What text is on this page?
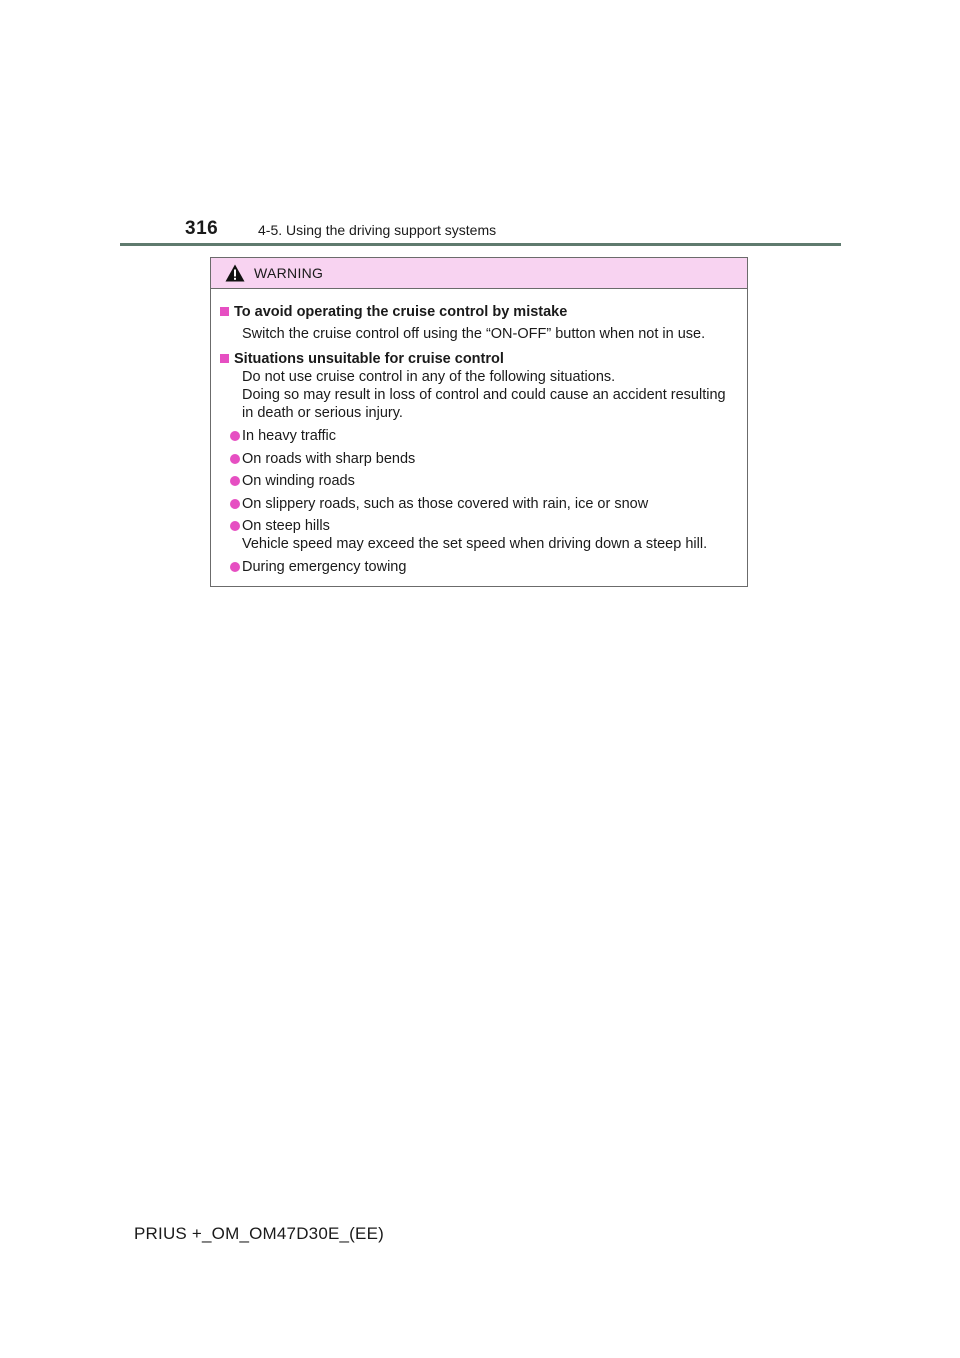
316	4-5. Using the driving support systems
WARNING
To avoid operating the cruise control by mistake
Switch the cruise control off using the “ON-OFF” button when not in use.
Situations unsuitable for cruise control
Do not use cruise control in any of the following situations.
Doing so may result in loss of control and could cause an accident resulting in death or serious injury.
In heavy traffic
On roads with sharp bends
On winding roads
On slippery roads, such as those covered with rain, ice or snow
On steep hills
Vehicle speed may exceed the set speed when driving down a steep hill.
During emergency towing
PRIUS +_OM_OM47D30E_(EE)
